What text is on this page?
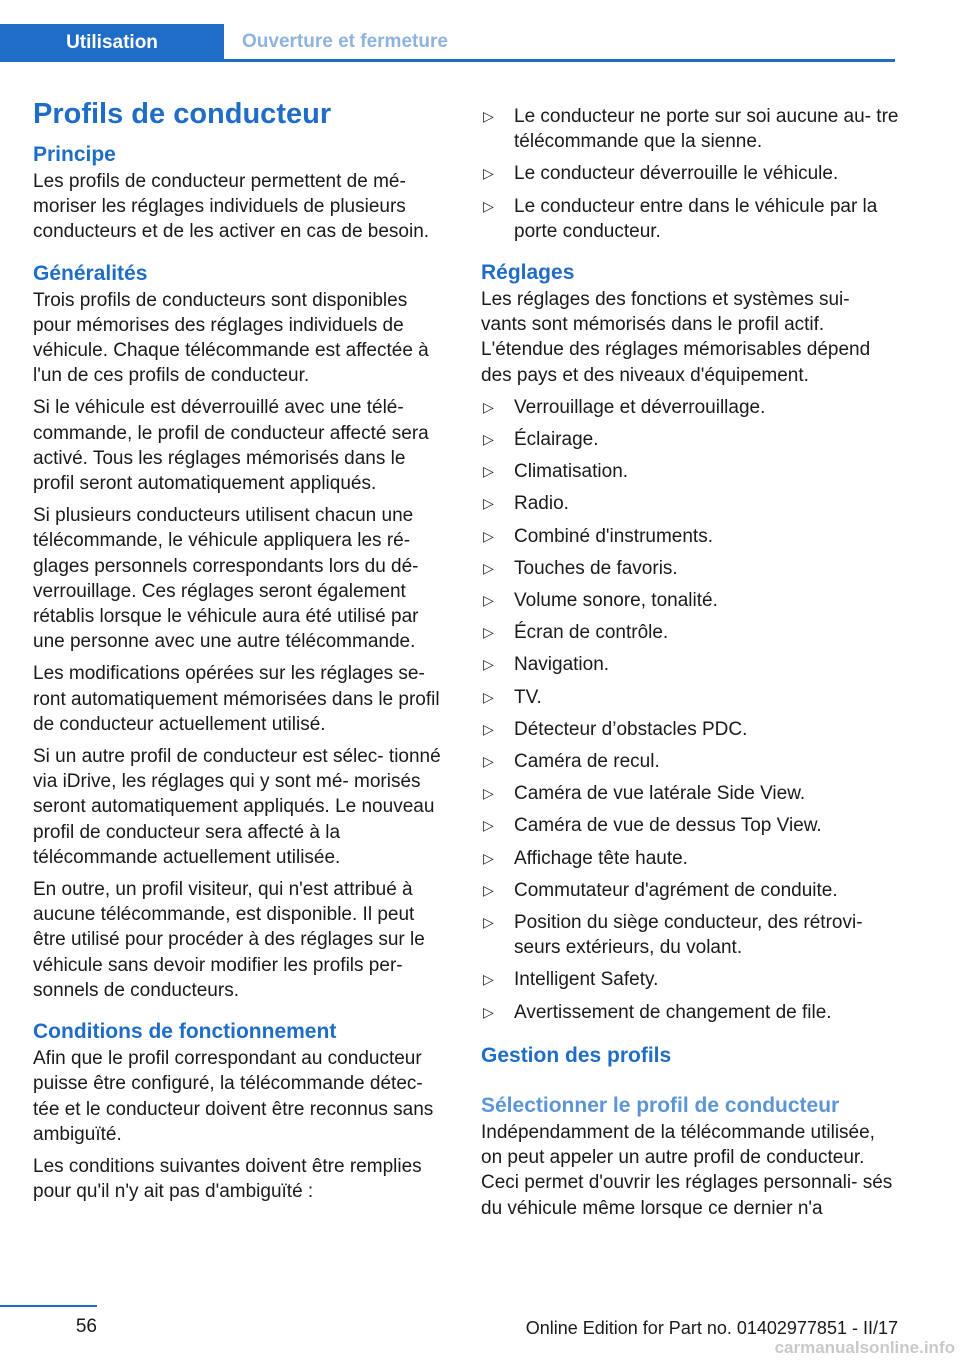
Utilisation	Ouverture et fermeture
Profils de conducteur
Principe

Les profils de conducteur permettent de mé‐ moriser les réglages individuels de plusieurs conducteurs et de les activer en cas de besoin.

Généralités

Trois profils de conducteurs sont disponibles pour mémorises des réglages individuels de véhicule. Chaque télécommande est affectée à l'un de ces profils de conducteur.

Si le véhicule est déverrouillé avec une télé‐ commande, le profil de conducteur affecté sera activé. Tous les réglages mémorisés dans le profil seront automatiquement appliqués.

Si plusieurs conducteurs utilisent chacun une télécommande, le véhicule appliquera les ré‐ glages personnels correspondants lors du dé‐ verrouillage. Ces réglages seront également rétablis lorsque le véhicule aura été utilisé par une personne avec une autre télécommande.

Les modifications opérées sur les réglages se‐ ront automatiquement mémorisées dans le profil de conducteur actuellement utilisé.

Si un autre profil de conducteur est sélec‐ tionné via iDrive, les réglages qui y sont mé‐ morisés seront automatiquement appliqués. Le nouveau profil de conducteur sera affecté à la télécommande actuellement utilisée.

En outre, un profil visiteur, qui n'est attribué à aucune télécommande, est disponible. Il peut être utilisé pour procéder à des réglages sur le véhicule sans devoir modifier les profils per‐ sonnels de conducteurs.

Conditions de fonctionnement

Afin que le profil correspondant au conducteur puisse être configuré, la télécommande détec‐ tée et le conducteur doivent être reconnus sans ambiguïté.

Les conditions suivantes doivent être remplies pour qu'il n'y ait pas d'ambiguïté :

▷ Le conducteur ne porte sur soi aucune au‐ tre télécommande que la sienne.
▷ Le conducteur déverrouille le véhicule.
▷ Le conducteur entre dans le véhicule par la porte conducteur.
Réglages

Les réglages des fonctions et systèmes sui‐ vants sont mémorisés dans le profil actif. L'étendue des réglages mémorisables dépend des pays et des niveaux d'équipement.

▷ Verrouillage et déverrouillage.
▷ Éclairage.
▷ Climatisation.
▷ Radio.
▷ Combiné d'instruments.
▷ Touches de favoris.
▷ Volume sonore, tonalité.
▷ Écran de contrôle.
▷ Navigation.
▷ TV.
▷ Détecteur d’obstacles PDC.
▷ Caméra de recul.
▷ Caméra de vue latérale Side View.
▷ Caméra de vue de dessus Top View.
▷ Affichage tête haute.
▷ Commutateur d'agrément de conduite.
▷ Position du siège conducteur, des rétrovi‐ seurs extérieurs, du volant.
▷ Intelligent Safety.
▷ Avertissement de changement de file.
Gestion des profils
Sélectionner le profil de conducteur

Indépendamment de la télécommande utilisée, on peut appeler un autre profil de conducteur. Ceci permet d'ouvrir les réglages personnali‐ sés du véhicule même lorsque ce dernier n'a

56	Online Edition for Part no. 01402977851 - II/17
carmanualsonline.info
